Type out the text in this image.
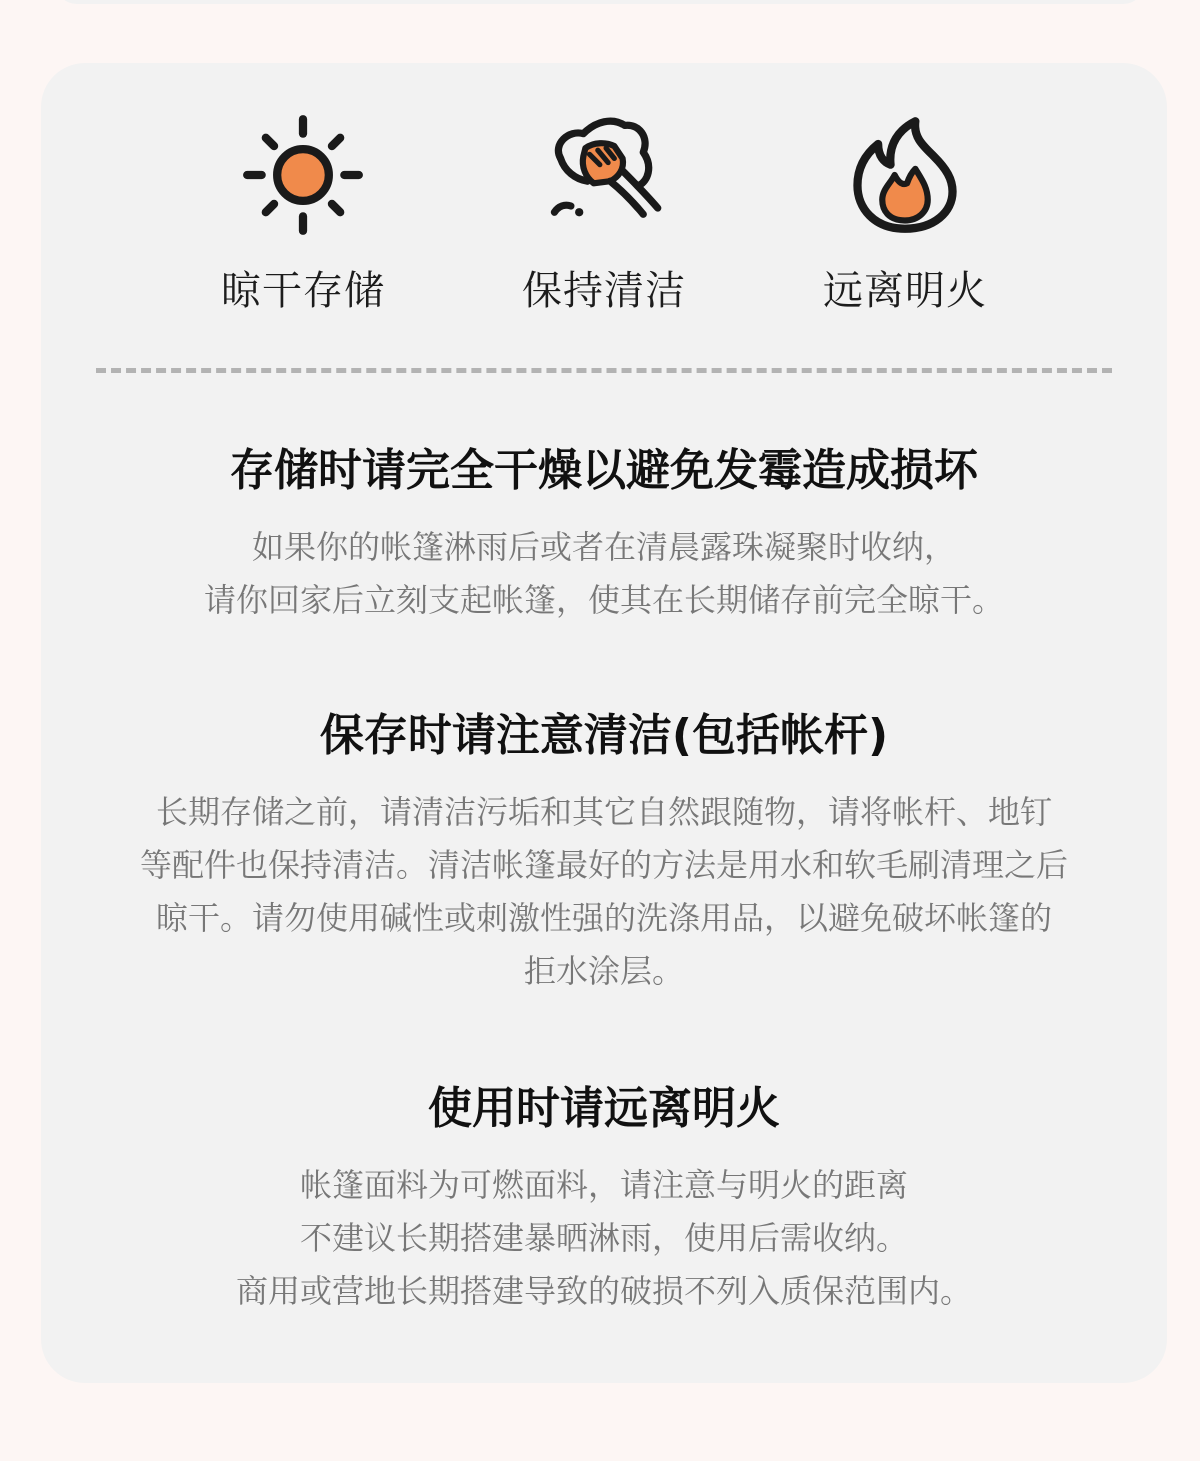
晾干存储	保持清洁	远离明火
存储时请完全干燥以避免发霉造成损坏
如果你的帐篷淋雨后或者在清晨露珠凝聚时收纳，
请你回家后立刻支起帐篷，使其在长期储存前完全晾干。
保存时请注意清洁(包括帐杆)
长期存储之前，请清洁污垢和其它自然跟随物，请将帐杆、地钉
等配件也保持清洁。清洁帐篷最好的方法是用水和软毛刷清理之后
晾干。请勿使用碱性或刺激性强的洗涤用品，以避免破坏帐篷的
拒水涂层。
使用时请远离明火
帐篷面料为可燃面料，请注意与明火的距离
不建议长期搭建暴晒淋雨，使用后需收纳。
商用或营地长期搭建导致的破损不列入质保范围内。
